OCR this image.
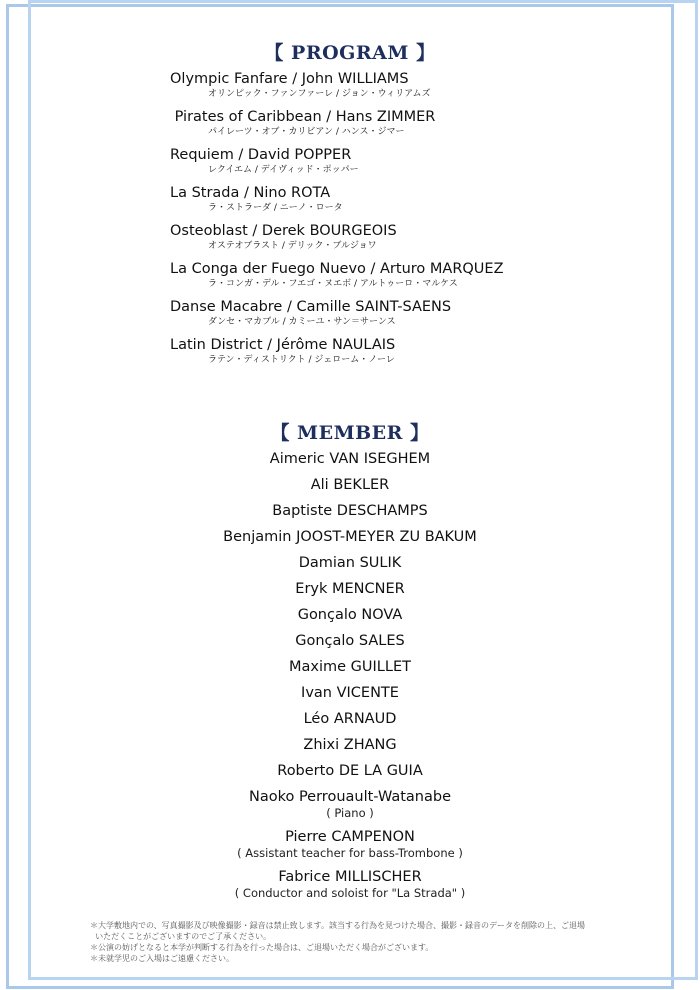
【 PROGRAM 】
Olympic Fanfare / John WILLIAMS
オリンピック・ファンファーレ / ジョン・ウィリアムズ
Pirates of Caribbean / Hans ZIMMER
パイレーツ・オブ・カリビアン / ハンス・ジマー
Requiem / David POPPER
レクイエム / デイヴィッド・ポッパー
La Strada / Nino ROTA
ラ・ストラーダ / ニーノ・ロータ
Osteoblast / Derek BOURGEOIS
オステオブラスト / デリック・ブルジョワ
La Conga der Fuego Nuevo / Arturo MARQUEZ
ラ・コンガ・デル・フエゴ・ヌエボ / アルトゥーロ・マルケス
Danse Macabre / Camille SAINT-SAENS
ダンセ・マカブル / カミーユ・サン＝サーンス
Latin District / Jérôme NAULAIS
ラテン・ディストリクト / ジェローム・ノーレ
【 MEMBER 】
Aimeric VAN ISEGHEM
Ali BEKLER
Baptiste DESCHAMPS
Benjamin JOOST-MEYER ZU BAKUM
Damian SULIK
Eryk MENCNER
Gonçalo NOVA
Gonçalo SALES
Maxime GUILLET
Ivan VICENTE
Léo ARNAUD
Zhixi ZHANG
Roberto DE LA GUIA
Naoko Perrouault-Watanabe
( Piano )
Pierre CAMPENON
( Assistant teacher for bass-Trombone )
Fabrice MILLISCHER
( Conductor and soloist for "La Strada" )
＊大学敷地内での、写真撮影及び映像撮影・録音は禁止致します。該当する行為を見つけた場合、撮影・録音のデータを削除の上、ご退場
いただくことがございますのでご了承ください。
＊公演の妨げとなると本学が判断する行為を行った場合は、ご退場いただく場合がございます。
＊未就学児のご入場はご遠慮ください。
